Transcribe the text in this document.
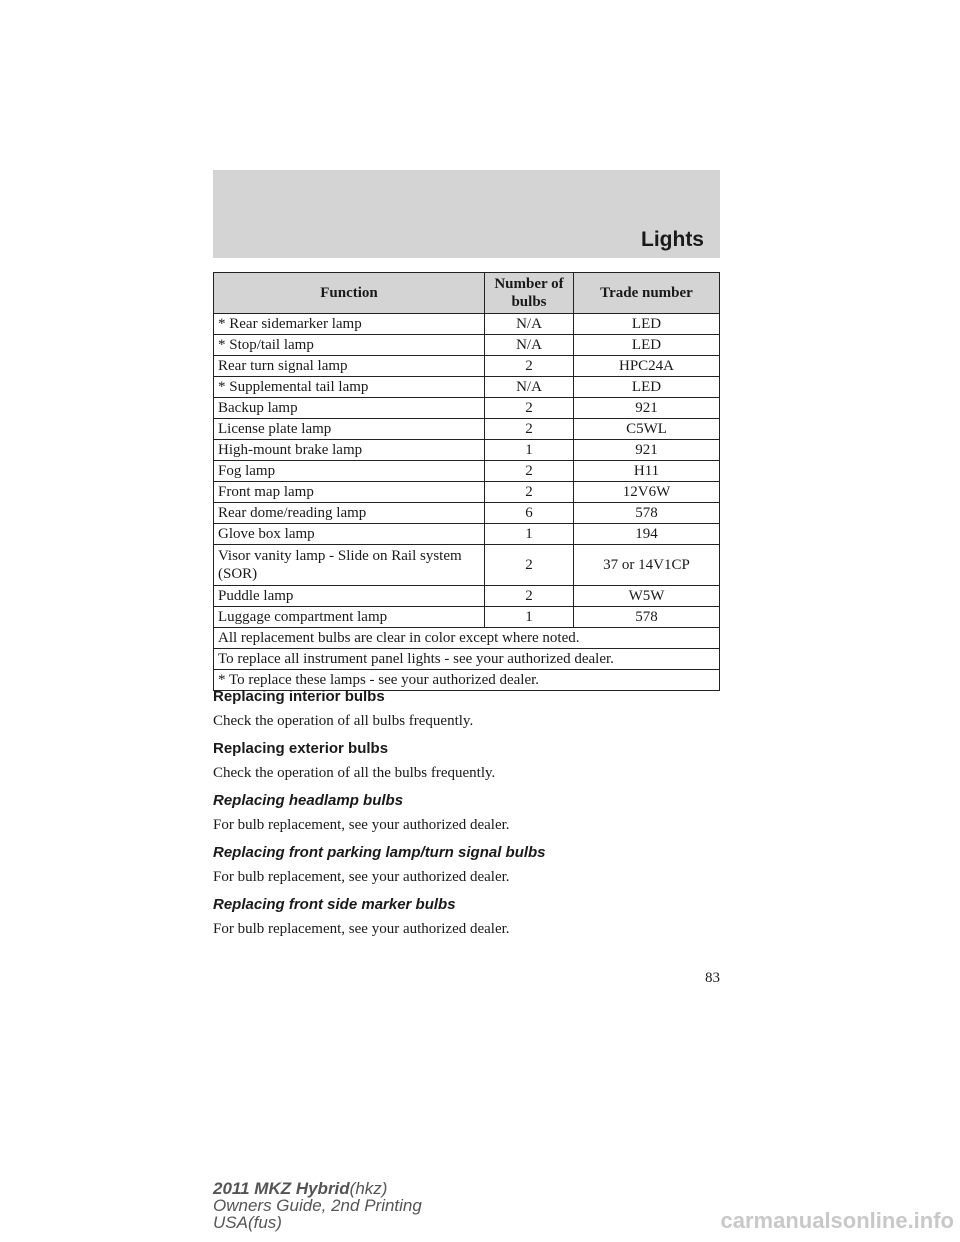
Lights
Function	Number of bulbs	Trade number
* Rear sidemarker lamp	N/A	LED
* Stop/tail lamp	N/A	LED
Rear turn signal lamp	2	HPC24A
* Supplemental tail lamp	N/A	LED
Backup lamp	2	921
License plate lamp	2	C5WL
High-mount brake lamp	1	921
Fog lamp	2	H11
Front map lamp	2	12V6W
Rear dome/reading lamp	6	578
Glove box lamp	1	194
Visor vanity lamp - Slide on Rail system (SOR)	2	37 or 14V1CP
Puddle lamp	2	W5W
Luggage compartment lamp	1	578
All replacement bulbs are clear in color except where noted.		
To replace all instrument panel lights - see your authorized dealer.		
* To replace these lamps - see your authorized dealer.		
Replacing interior bulbs

Check the operation of all bulbs frequently.

Replacing exterior bulbs

Check the operation of all the bulbs frequently.

Replacing headlamp bulbs

For bulb replacement, see your authorized dealer.

Replacing front parking lamp/turn signal bulbs

For bulb replacement, see your authorized dealer.

Replacing front side marker bulbs

For bulb replacement, see your authorized dealer.

83
2011 MKZ Hybrid(hkz)
Owners Guide, 2nd Printing
USA(fus)	carmanualsonline.info
